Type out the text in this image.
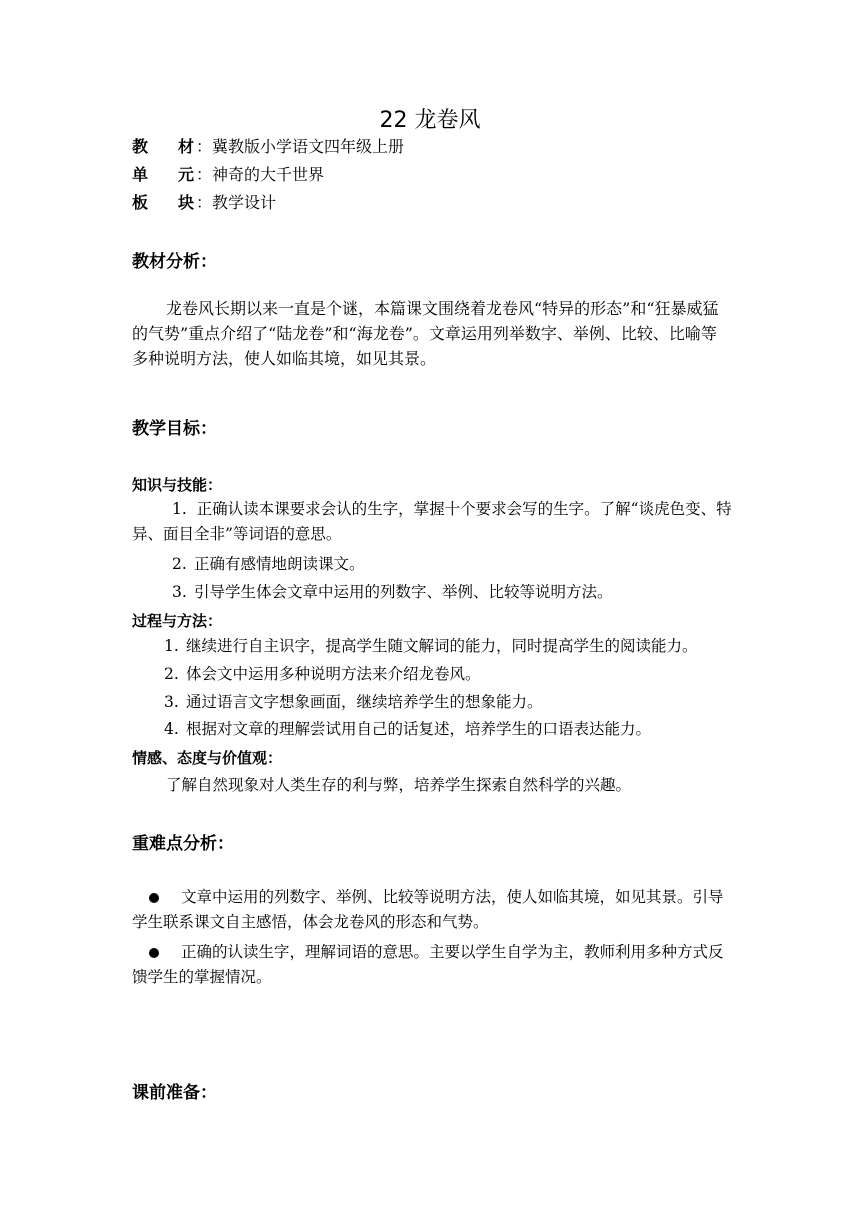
22 龙卷风
教 材 ：冀教版小学语文四年级上册
单 元 ：神奇的大千世界
板 块 ：教学设计
教材分析：
龙卷风长期以来一直是个谜，本篇课文围绕着龙卷风“特异的形态”和“狂暴威猛的气势”重点介绍了“陆龙卷”和“海龙卷”。文章运用列举数字、举例、比较、比喻等多种说明方法，使人如临其境，如见其景。
教学目标：
知识与技能：
1. 正确认读本课要求会认的生字，掌握十个要求会写的生字。了解“谈虎色变、特异、面目全非”等词语的意思。
2. 正确有感情地朗读课文。
3. 引导学生体会文章中运用的列数字、举例、比较等说明方法。
过程与方法：
1. 继续进行自主识字，提高学生随文解词的能力，同时提高学生的阅读能力。
2. 体会文中运用多种说明方法来介绍龙卷风。
3. 通过语言文字想象画面，继续培养学生的想象能力。
4. 根据对文章的理解尝试用自己的话复述，培养学生的口语表达能力。
情感、态度与价值观：
了解自然现象对人类生存的利与弊，培养学生探索自然科学的兴趣。
重难点分析：
文章中运用的列数字、举例、比较等说明方法，使人如临其境，如见其景。引导学生联系课文自主感悟，体会龙卷风的形态和气势。
正确的认读生字，理解词语的意思。主要以学生自学为主，教师利用多种方式反馈学生的掌握情况。
课前准备：
